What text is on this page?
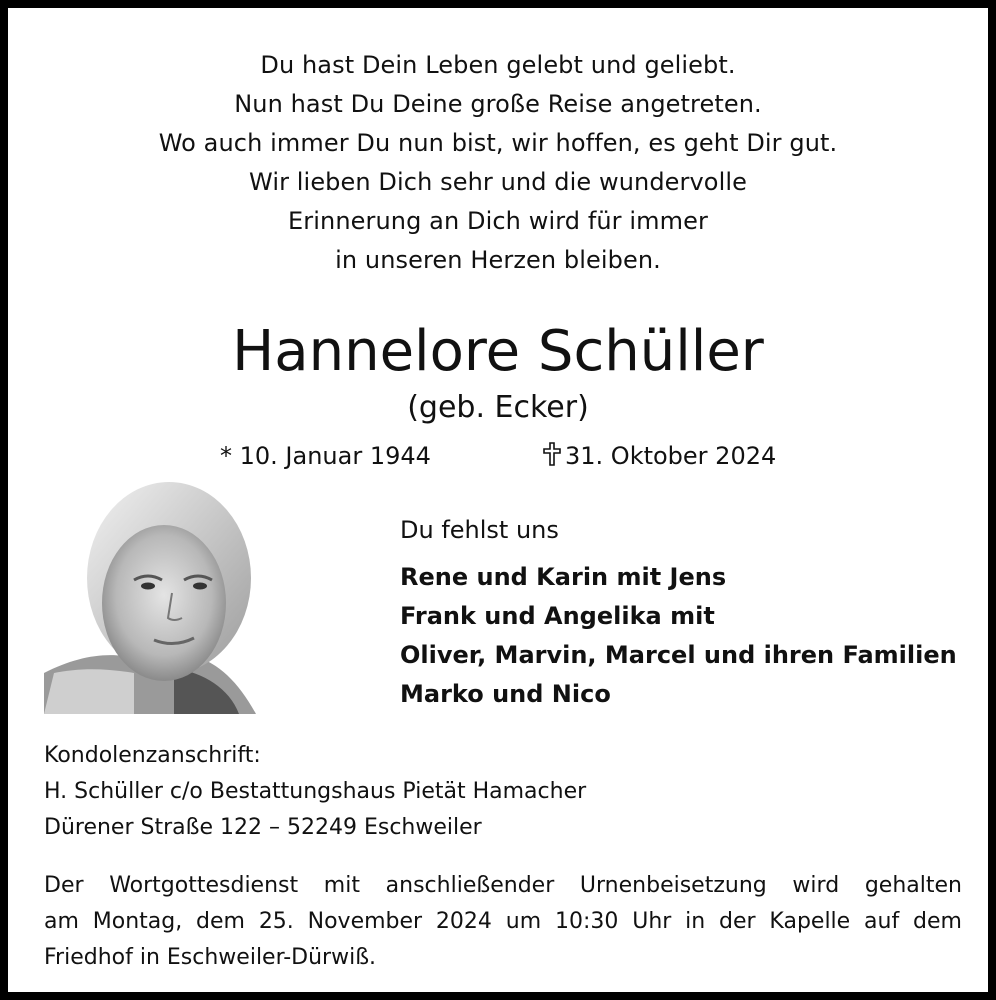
Du hast Dein Leben gelebt und geliebt.
Nun hast Du Deine große Reise angetreten.
Wo auch immer Du nun bist, wir hoffen, es geht Dir gut.
Wir lieben Dich sehr und die wundervolle
Erinnerung an Dich wird für immer
in unseren Herzen bleiben.
Hannelore Schüller
(geb. Ecker)
* 10. Januar 1944	31. Oktober 2024
Du fehlst uns
Rene und Karin mit Jens
Frank und Angelika mit
Oliver, Marvin, Marcel und ihren Familien
Marko und Nico
Kondolenzanschrift:
H. Schüller c/o Bestattungshaus Pietät Hamacher
Dürener Straße 122 – 52249 Eschweiler
Der Wortgottesdienst mit anschließender Urnenbeisetzung wird gehalten
am Montag, dem 25. November 2024 um 10:30 Uhr in der Kapelle auf dem
Friedhof in Eschweiler-Dürwiß.
